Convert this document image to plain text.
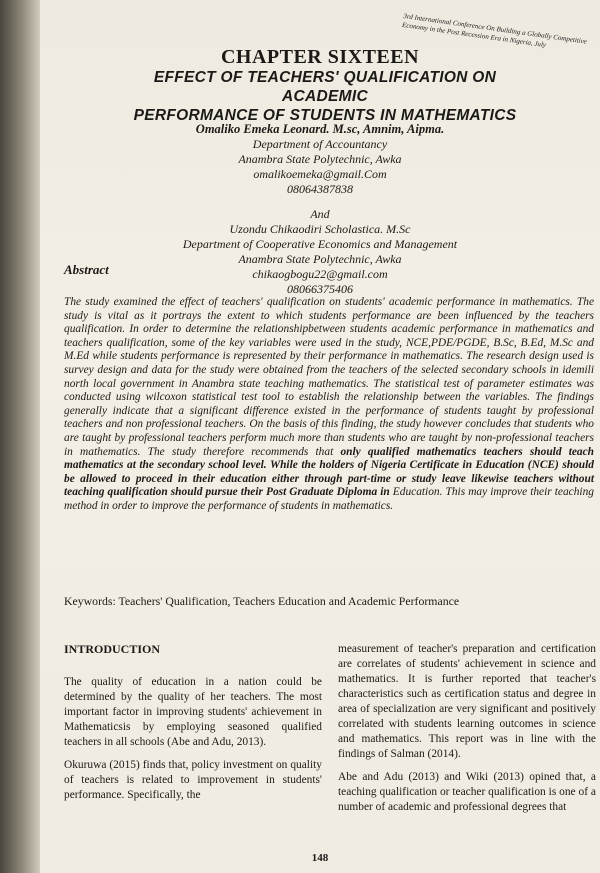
3rd International Conference On Building a Globally Competitive Economy in the Post Recession Era in Nigeria, July
CHAPTER SIXTEEN
EFFECT OF TEACHERS' QUALIFICATION ON ACADEMIC
PERFORMANCE OF STUDENTS IN MATHEMATICS
Omaliko Emeka Leonard. M.sc, Amnim, Aipma.
Department of Accountancy
Anambra State Polytechnic, Awka
omalikoemeka@gmail.Com
08064387838
And
Uzondu Chikaodiri Scholastica. M.Sc
Department of Cooperative Economics and Management
Anambra State Polytechnic, Awka
chikaogbogu22@gmail.com
08066375406
Abstract
The study examined the effect of teachers' qualification on students' academic performance in mathematics. The study is vital as it portrays the extent to which students performance are been influenced by the teachers qualification. In order to determine the relationshipbetween students academic performance in mathematics and teachers qualification, some of the key variables were used in the study, NCE,PDE/PGDE, B.Sc, B.Ed, M.Sc and M.Ed while students performance is represented by their performance in mathematics. The research design used is survey design and data for the study were obtained from the teachers of the selected secondary schools in idemili north local government in Anambra state teaching mathematics. The statistical test of parameter estimates was conducted using wilcoxon statistical test tool to establish the relationship between the variables. The findings generally indicate that a significant difference existed in the performance of students taught by professional teachers and non professional teachers. On the basis of this finding, the study however concludes that students who are taught by professional teachers perform much more than students who are taught by non-professional teachers in mathematics. The study therefore recommends that only qualified mathematics teachers should teach mathematics at the secondary school level. While the holders of Nigeria Certificate in Education (NCE) should be allowed to proceed in their education either through part-time or study leave likewise teachers without teaching qualification should pursue their Post Graduate Diploma in Education. This may improve their teaching method in order to improve the performance of students in mathematics.
Keywords: Teachers' Qualification, Teachers Education and Academic Performance
INTRODUCTION

The quality of education in a nation could be determined by the quality of her teachers. The most important factor in improving students' achievement in Mathematicsis by employing seasoned qualified teachers in all schools (Abe and Adu, 2013).

Okuruwa (2015) finds that, policy investment on quality of teachers is related to improvement in students' performance. Specifically, the

measurement of teacher's preparation and certification are correlates of students' achievement in science and mathematics. It is further reported that teacher's characteristics such as certification status and degree in area of specialization are very significant and positively correlated with students learning outcomes in science and mathematics. This report was in line with the findings of Salman (2014).

Abe and Adu (2013) and Wiki (2013) opined that, a teaching qualification or teacher qualification is one of a number of academic and professional degrees that

148
